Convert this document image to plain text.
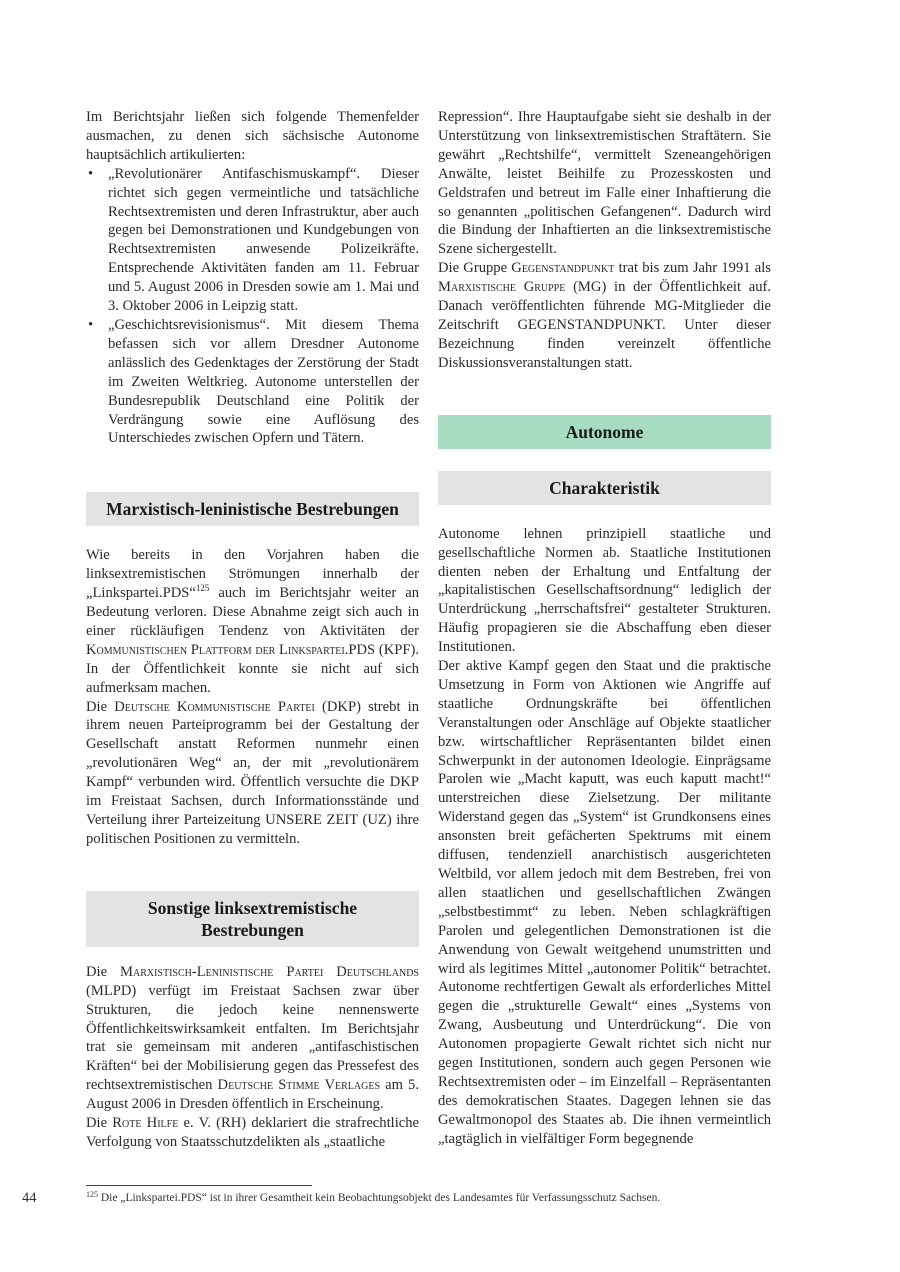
Im Berichtsjahr ließen sich folgende Themenfelder ausmachen, zu denen sich sächsische Autonome hauptsächlich artikulierten:

• „Revolutionärer Antifaschismuskampf“. Dieser richtet sich gegen vermeintliche und tatsächliche Rechtsextremisten und deren Infrastruktur, aber auch gegen bei Demonstrationen und Kundgebungen von Rechtsextremisten anwesende Polizeikräfte. Entsprechende Aktivitäten fanden am 11. Februar und 5. August 2006 in Dresden sowie am 1. Mai und 3. Oktober 2006 in Leipzig statt.
• „Geschichtsrevisionismus“. Mit diesem Thema befassen sich vor allem Dresdner Autonome anlässlich des Gedenktages der Zerstörung der Stadt im Zweiten Weltkrieg. Autonome unterstellen der Bundesrepublik Deutschland eine Politik der Verdrängung sowie eine Auflösung des Unterschiedes zwischen Opfern und Tätern.
Marxistisch-leninistische Bestrebungen

Wie bereits in den Vorjahren haben die linksextremistischen Strömungen innerhalb der „Linkspartei.PDS“$^{125}$ auch im Berichtsjahr weiter an Bedeutung verloren. Diese Abnahme zeigt sich auch in einer rückläufigen Tendenz von Aktivitäten der Kommunistischen Plattform der Linkspartei.PDS (KPF). In der Öffentlichkeit konnte sie nicht auf sich aufmerksam machen.

Die Deutsche Kommunistische Partei (DKP) strebt in ihrem neuen Parteiprogramm bei der Gestaltung der Gesellschaft anstatt Reformen nunmehr einen „revolutionären Weg“ an, der mit „revolutionärem Kampf“ verbunden wird. Öffentlich versuchte die DKP im Freistaat Sachsen, durch Informationsstände und Verteilung ihrer Parteizeitung UNSERE ZEIT (UZ) ihre politischen Positionen zu vermitteln.

Sonstige linksextremistische
Bestrebungen

Die Marxistisch-Leninistische Partei Deutschlands (MLPD) verfügt im Freistaat Sachsen zwar über Strukturen, die jedoch keine nennenswerte Öffentlichkeitswirksamkeit entfalten. Im Berichtsjahr trat sie gemeinsam mit anderen „antifaschistischen Kräften“ bei der Mobilisierung gegen das Pressefest des rechtsextremistischen Deutsche Stimme Verlages am 5. August 2006 in Dresden öffentlich in Erscheinung.

Die Rote Hilfe e. V. (RH) deklariert die strafrechtliche Verfolgung von Staatsschutzdelikten als „staatliche

Repression“. Ihre Hauptaufgabe sieht sie deshalb in der Unterstützung von linksextremistischen Straftätern. Sie gewährt „Rechtshilfe“, vermittelt Szeneangehörigen Anwälte, leistet Beihilfe zu Prozesskosten und Geldstrafen und betreut im Falle einer Inhaftierung die so genannten „politischen Gefangenen“. Dadurch wird die Bindung der Inhaftierten an die linksextremistische Szene sichergestellt.

Die Gruppe Gegenstandpunkt trat bis zum Jahr 1991 als Marxistische Gruppe (MG) in der Öffentlichkeit auf. Danach veröffentlichten führende MG-Mitglieder die Zeitschrift GEGENSTANDPUNKT. Unter dieser Bezeichnung finden vereinzelt öffentliche Diskussionsveranstaltungen statt.

Autonome
Charakteristik

Autonome lehnen prinzipiell staatliche und gesellschaftliche Normen ab. Staatliche Institutionen dienten neben der Erhaltung und Entfaltung der „kapitalistischen Gesellschaftsordnung“ lediglich der Unterdrückung „herrschaftsfrei“ gestalteter Strukturen. Häufig propagieren sie die Abschaffung eben dieser Institutionen.

Der aktive Kampf gegen den Staat und die praktische Umsetzung in Form von Aktionen wie Angriffe auf staatliche Ordnungskräfte bei öffentlichen Veranstaltungen oder Anschläge auf Objekte staatlicher bzw. wirtschaftlicher Repräsentanten bildet einen Schwerpunkt in der autonomen Ideologie. Einprägsame Parolen wie „Macht kaputt, was euch kaputt macht!“ unterstreichen diese Zielsetzung. Der militante Widerstand gegen das „System“ ist Grundkonsens eines ansonsten breit gefächerten Spektrums mit einem diffusen, tendenziell anarchistisch ausgerichteten Weltbild, vor allem jedoch mit dem Bestreben, frei von allen staatlichen und gesellschaftlichen Zwängen „selbstbestimmt“ zu leben. Neben schlagkräftigen Parolen und gelegentlichen Demonstrationen ist die Anwendung von Gewalt weitgehend unumstritten und wird als legitimes Mittel „autonomer Politik“ betrachtet. Autonome rechtfertigen Gewalt als erforderliches Mittel gegen die „strukturelle Gewalt“ eines „Systems von Zwang, Ausbeutung und Unterdrückung“. Die von Autonomen propagierte Gewalt richtet sich nicht nur gegen Institutionen, sondern auch gegen Personen wie Rechtsextremisten oder – im Einzelfall – Repräsentanten des demokratischen Staates. Dagegen lehnen sie das Gewaltmonopol des Staates ab. Die ihnen vermeintlich „tagtäglich in vielfältiger Form begegnende

$^{125}$ Die „Linkspartei.PDS“ ist in ihrer Gesamtheit kein Beobachtungsobjekt des Landesamtes für Verfassungsschutz Sachsen.
44
